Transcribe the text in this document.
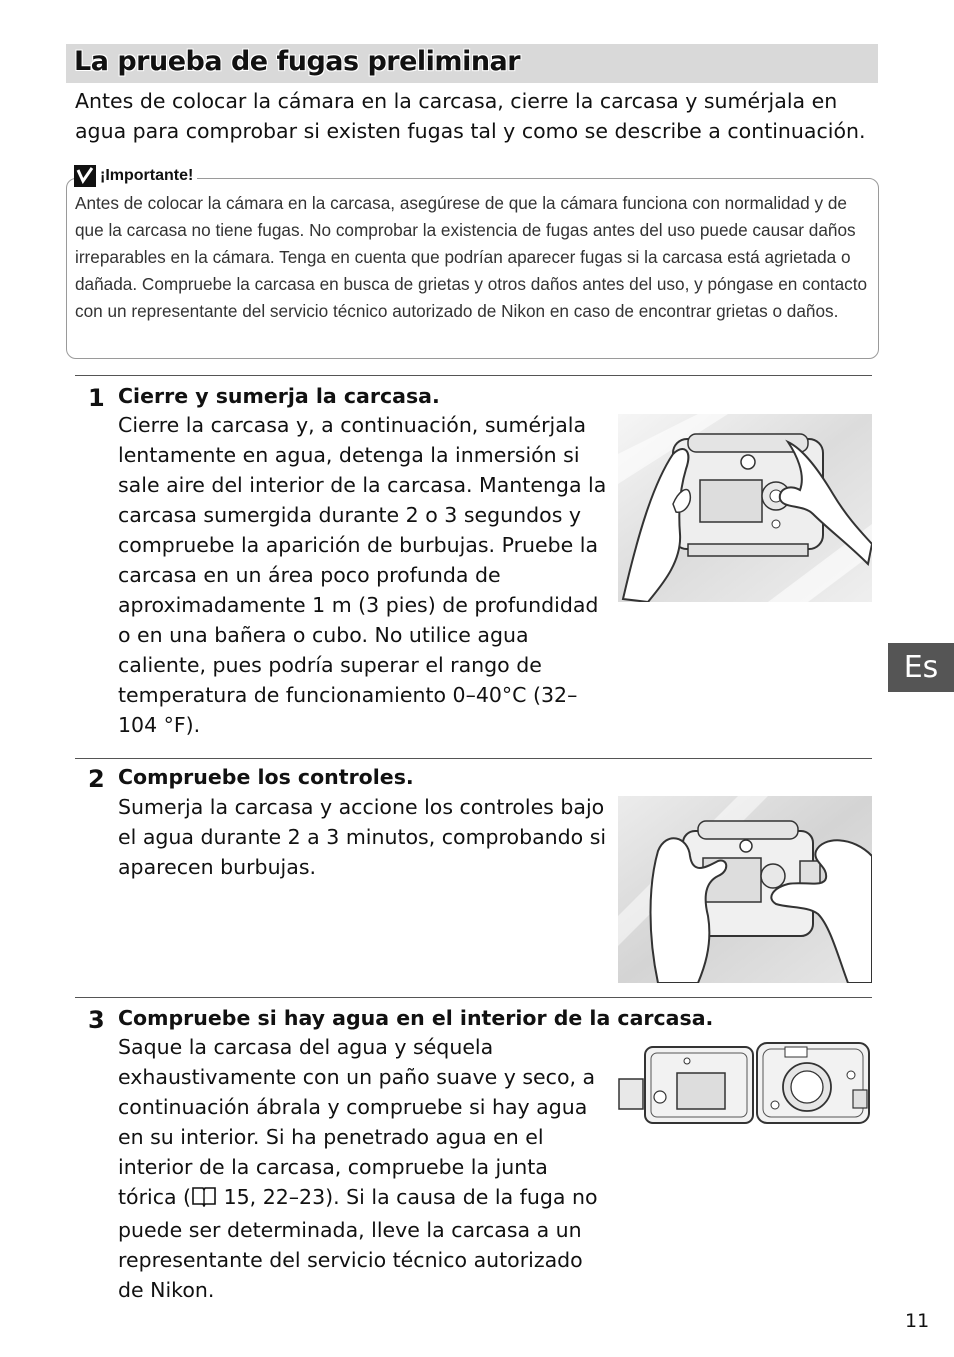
La prueba de fugas preliminar

Antes de colocar la cámara en la carcasa, cierre la carcasa y sumérjala en agua para comprobar si existen fugas tal y como se describe a continuación.

¡Importante!

Antes de colocar la cámara en la carcasa, asegúrese de que la cámara funciona con normalidad y de que la carcasa no tiene fugas. No comprobar la existencia de fugas antes del uso puede causar daños irreparables en la cámara. Tenga en cuenta que podrían aparecer fugas si la carcasa está agrietada o dañada. Compruebe la carcasa en busca de grietas y otros daños antes del uso, y póngase en contacto con un representante del servicio técnico autorizado de Nikon en caso de encontrar grietas o daños.

1 Cierre y sumerja la carcasa.

Cierre la carcasa y, a continuación, sumérjala lentamente en agua, detenga la inmersión si sale aire del interior de la carcasa. Mantenga la carcasa sumergida durante 2 o 3 segundos y compruebe la aparición de burbujas. Pruebe la carcasa en un área poco profunda de aproximadamente 1 m (3 pies) de profundidad o en una bañera o cubo. No utilice agua caliente, pues podría superar el rango de temperatura de funcionamiento 0–40°C (32–104 °F).

2 Compruebe los controles.

Sumerja la carcasa y accione los controles bajo el agua durante 2 a 3 minutos, comprobando si aparecen burbujas.

3 Compruebe si hay agua en el interior de la carcasa.

Saque la carcasa del agua y séquela exhaustivamente con un paño suave y seco, a continuación ábrala y compruebe si hay agua en su interior. Si ha penetrado agua en el interior de la carcasa, compruebe la junta tórica ( 15, 22–23). Si la causa de la fuga no puede ser determinada, lleve la carcasa a un representante del servicio técnico autorizado de Nikon.

Es
11
